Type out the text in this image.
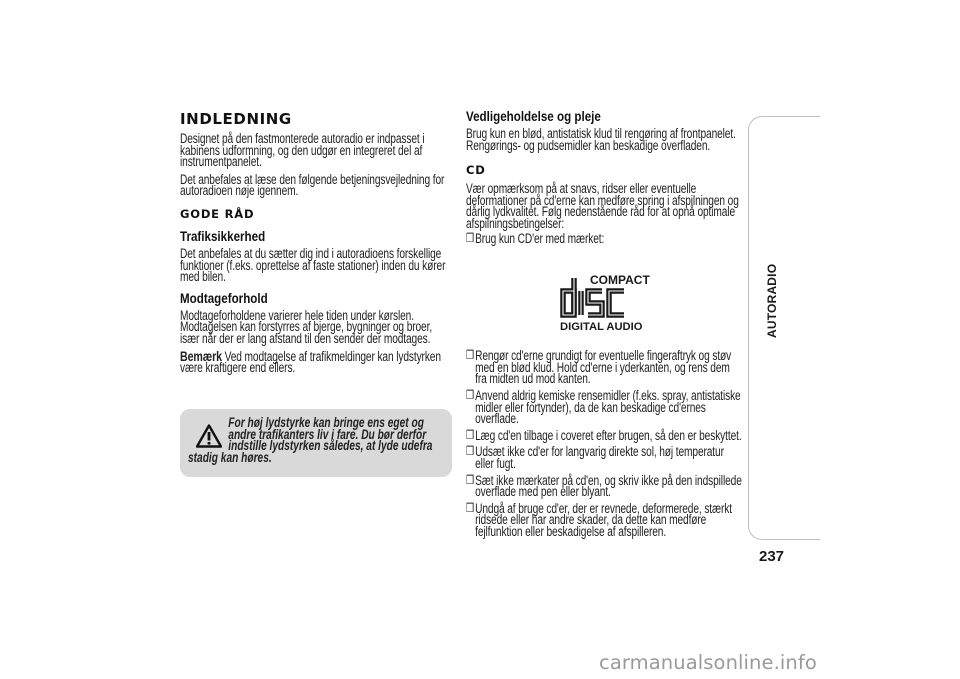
INDLEDNING

Designet på den fastmonterede autoradio er indpasset i kabinens udformning, og den udgør en integreret del af instrumentpanelet.

Det anbefales at læse den følgende betjeningsvejledning for autoradioen nøje igennem.

GODE RÅD
Trafiksikkerhed

Det anbefales at du sætter dig ind i autoradioens forskellige funktioner (f.eks. oprettelse af faste stationer) inden du kører med bilen.

Modtageforhold

Modtageforholdene varierer hele tiden under kørslen. Modtagelsen kan forstyrres af bjerge, bygninger og broer, især når der er lang afstand til den sender der modtages.

Bemærk Ved modtagelse af trafikmeldinger kan lydstyrken være kraftigere end ellers.

For høj lydstyrke kan bringe ens eget og
andre trafikanters liv i fare. Du bør derfor
indstille lydstyrken således, at lyde udefra
stadig kan høres.
Vedligeholdelse og pleje

Brug kun en blød, antistatisk klud til rengøring af frontpanelet. Rengørings- og pudsemidler kan beskadige overfladen.

CD

Vær opmærksom på at snavs, ridser eller eventuelle deformationer på cd'erne kan medføre spring i afspilningen og dårlig lydkvalitet. Følg nedenstående råd for at opnå optimale afspilningsbetingelser:

❒ Brug kun CD'er med mærket:
❒ Rengør cd'erne grundigt for eventuelle fingeraftryk og støv med en blød klud. Hold cd'erne i yderkanten, og rens dem fra midten ud mod kanten.
❒ Anvend aldrig kemiske rensemidler (f.eks. spray, antistatiske midler eller fortynder), da de kan beskadige cd'ernes overflade.
❒ Læg cd'en tilbage i coveret efter brugen, så den er beskyttet.
❒ Udsæt ikke cd'er for langvarig direkte sol, høj temperatur eller fugt.
❒ Sæt ikke mærkater på cd'en, og skriv ikke på den indspillede overflade med pen eller blyant.
❒ Undgå af bruge cd'er, der er revnede, deformerede, stærkt ridsede eller har andre skader, da dette kan medføre fejlfunktion eller beskadigelse af afspilleren.
COMPACT
DIGITAL AUDIO	AUTORADIO
237
carmanualsonline.info
